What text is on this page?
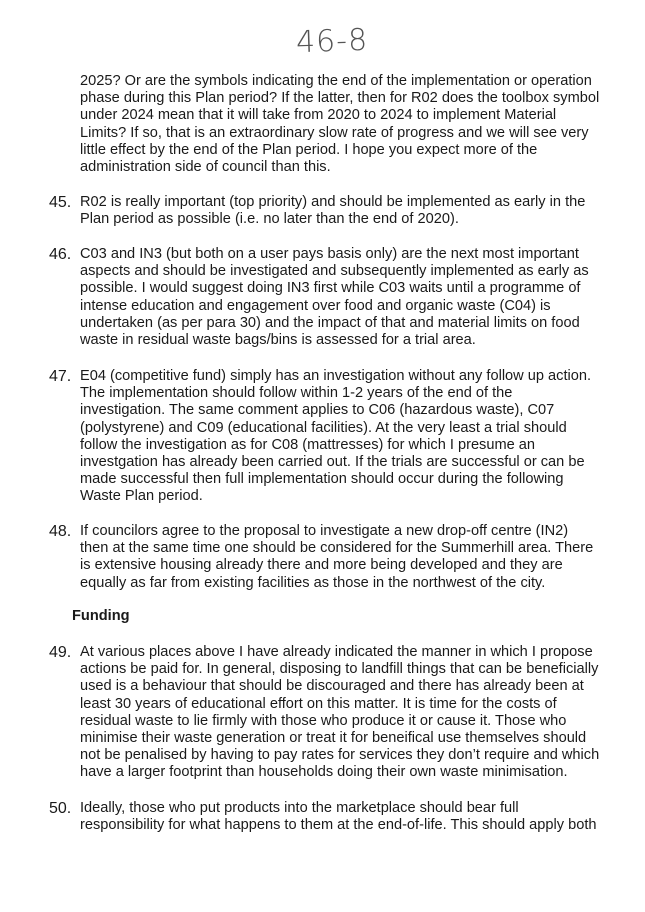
46-8
2025? Or are the symbols indicating the end of the implementation or operation phase during this Plan period? If the latter, then for R02 does the toolbox symbol under 2024 mean that it will take from 2020 to 2024 to implement Material Limits? If so, that is an extraordinary slow rate of progress and we will see very little effect by the end of the Plan period. I hope you expect more of the administration side of council than this.
45. R02 is really important (top priority) and should be implemented as early in the Plan period as possible (i.e. no later than the end of 2020).
46. C03 and IN3 (but both on a user pays basis only) are the next most important aspects and should be investigated and subsequently implemented as early as possible. I would suggest doing IN3 first while C03 waits until a programme of intense education and engagement over food and organic waste (C04) is undertaken (as per para 30) and the impact of that and material limits on food waste in residual waste bags/bins is assessed for a trial area.
47. E04 (competitive fund) simply has an investigation without any follow up action. The implementation should follow within 1-2 years of the end of the investigation. The same comment applies to C06 (hazardous waste), C07 (polystyrene) and C09 (educational facilities). At the very least a trial should follow the investigation as for C08 (mattresses) for which I presume an investgation has already been carried out. If the trials are successful or can be made successful then full implementation should occur during the following Waste Plan period.
48. If councilors agree to the proposal to investigate a new drop-off centre (IN2) then at the same time one should be considered for the Summerhill area. There is extensive housing already there and more being developed and they are equally as far from existing facilities as those in the northwest of the city.
Funding
49. At various places above I have already indicated the manner in which I propose actions be paid for. In general, disposing to landfill things that can be beneficially used is a behaviour that should be discouraged and there has already been at least 30 years of educational effort on this matter. It is time for the costs of residual waste to lie firmly with those who produce it or cause it. Those who minimise their waste generation or treat it for beneifical use themselves should not be penalised by having to pay rates for services they don’t require and which have a larger footprint than households doing their own waste minimisation.
50. Ideally, those who put products into the marketplace should bear full responsibility for what happens to them at the end-of-life. This should apply both
